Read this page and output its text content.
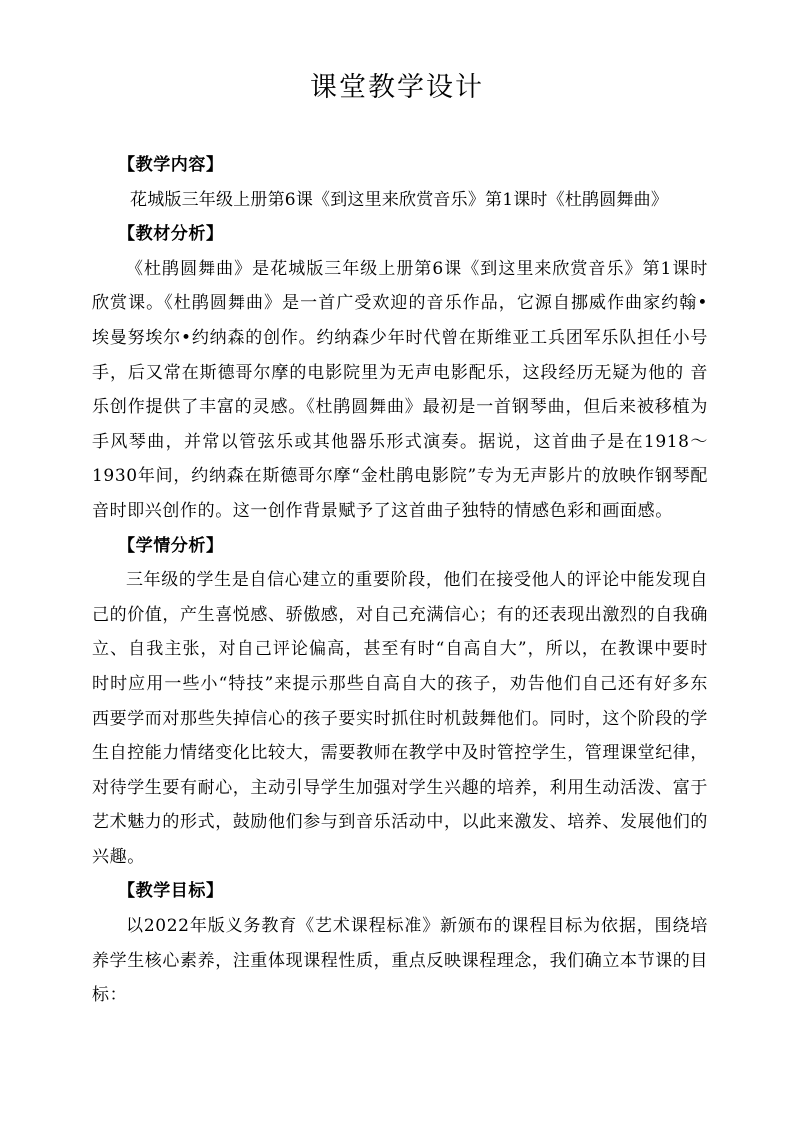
课堂教学设计
【教学内容】
花城版三年级上册第6课《到这里来欣赏音乐》第1课时《杜鹃圆舞曲》
【教材分析】

《杜鹃圆舞曲》是花城版三年级上册第6课《到这里来欣赏音乐》第1课时欣赏课。《杜鹃圆舞曲》是一首广受欢迎的音乐作品，它源自挪威作曲家约翰•埃曼努埃尔•约纳森的创作。约纳森少年时代曾在斯维亚工兵团军乐队担任小号手，后又常在斯德哥尔摩的电影院里为无声电影配乐，这段经历无疑为他的 音乐创作提供了丰富的灵感。《杜鹃圆舞曲》最初是一首钢琴曲，但后来被移植为手风琴曲，并常以管弦乐或其他器乐形式演奏。据说，这首曲子是在1918～1930年间，约纳森在斯德哥尔摩“金杜鹃电影院”专为无声影片的放映作钢琴配音时即兴创作的。这一创作背景赋予了这首曲子独特的情感色彩和画面感。

【学情分析】

三年级的学生是自信心建立的重要阶段，他们在接受他人的评论中能发现自己的价值，产生喜悦感、骄傲感，对自己充满信心；有的还表现出激烈的自我确立、自我主张，对自己评论偏高，甚至有时“自高自大”，所以，在教课中要时时时应用一些小“特技”来提示那些自高自大的孩子，劝告他们自己还有好多东西要学而对那些失掉信心的孩子要实时抓住时机鼓舞他们。同时，这个阶段的学生自控能力情绪变化比较大，需要教师在教学中及时管控学生，管理课堂纪律，对待学生要有耐心，主动引导学生加强对学生兴趣的培养，利用生动活泼、富于艺术魅力的形式，鼓励他们参与到音乐活动中，以此来激发、培养、发展他们的兴趣。

【教学目标】

以2022年版义务教育《艺术课程标准》新颁布的课程目标为依据，围绕培养学生核心素养，注重体现课程性质，重点反映课程理念，我们确立本节课的目标：
